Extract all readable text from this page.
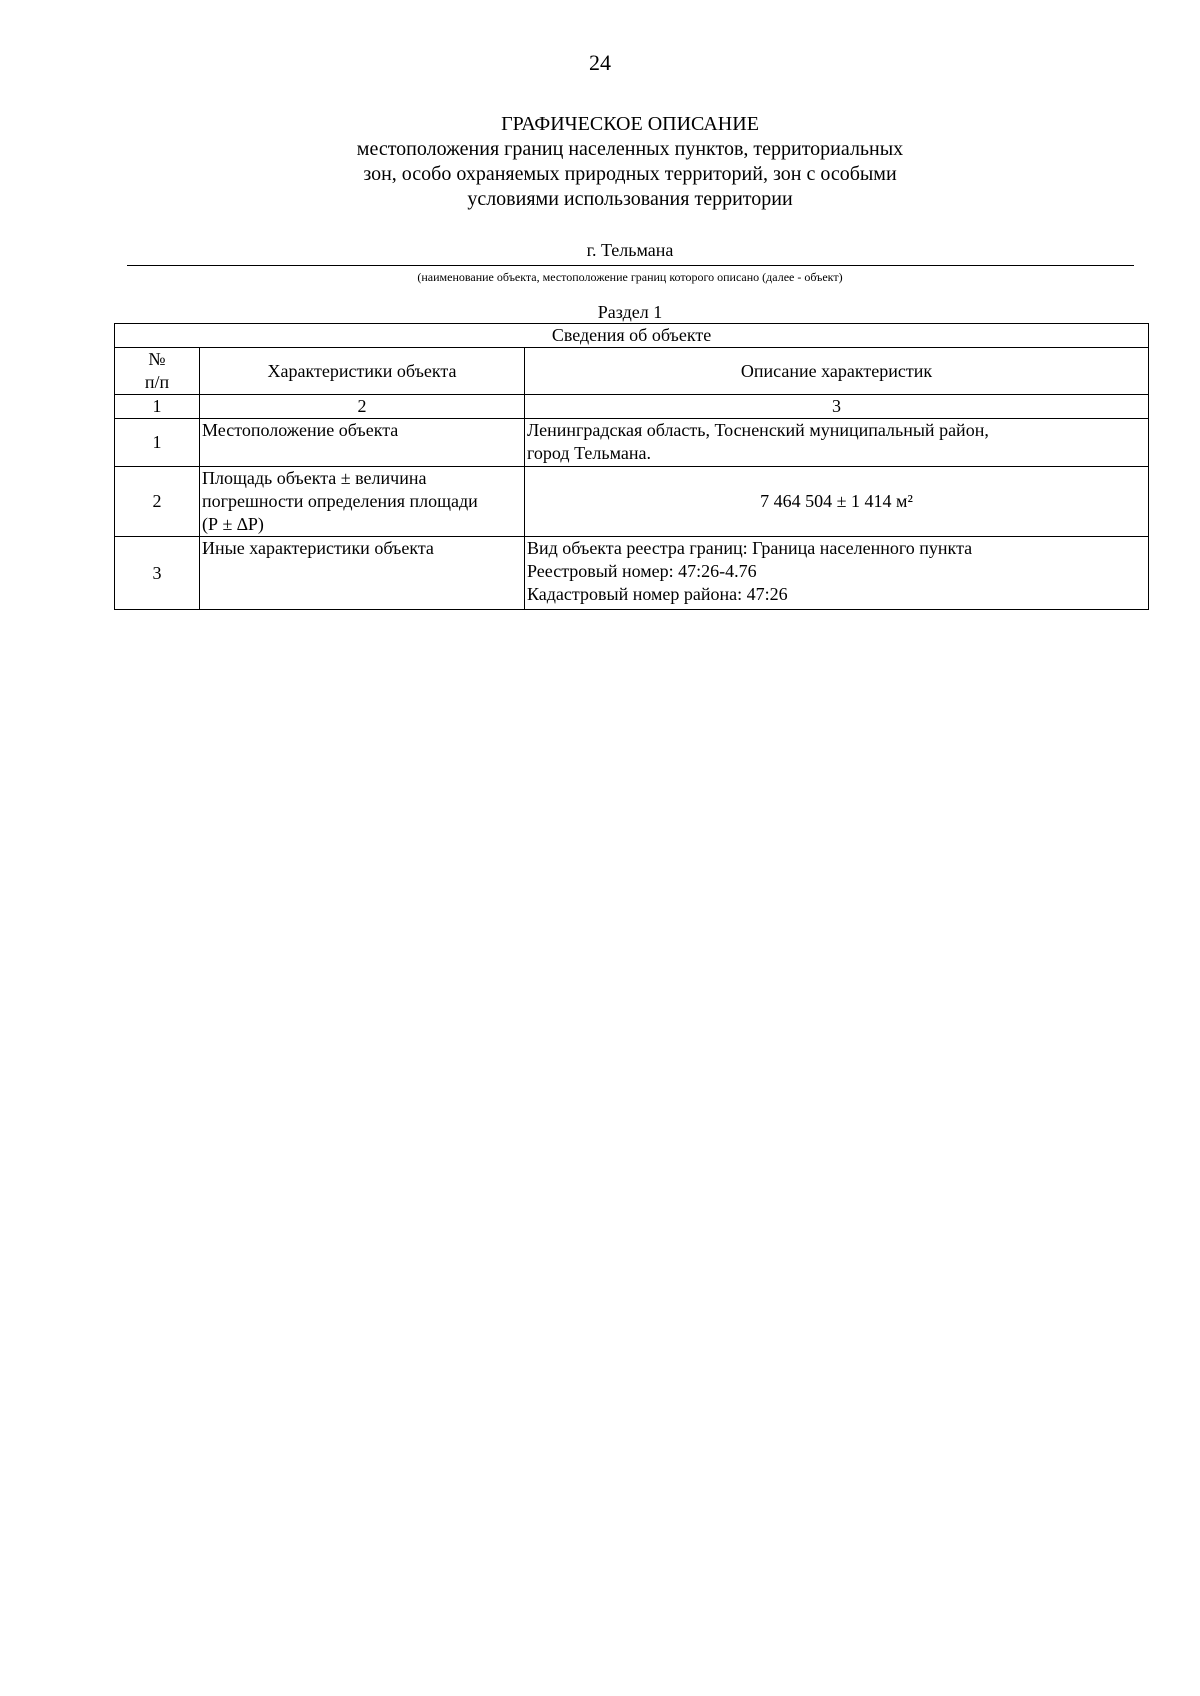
24
ГРАФИЧЕСКОЕ ОПИСАНИЕ
местоположения границ населенных пунктов, территориальных
зон, особо охраняемых природных территорий, зон с особыми
условиями использования территории
г. Тельмана
(наименование объекта, местоположение границ которого описано (далее - объект)
Раздел 1
Сведения об объекте		

№
п/п	Характеристики объекта	Описание характеристик
1	2	3
1	Местоположение объекта	Ленинградская область, Тосненский муниципальный район,
город Тельмана.

2	Площадь объекта ± величина
погрешности определения площади
(Р ± ∆Р)	7 464 504 ± 1 414 м²

3	Иные характеристики объекта	Вид объекта реестра границ: Граница населенного пункта
Реестровый номер: 47:26-4.76
Кадастровый номер района: 47:26
